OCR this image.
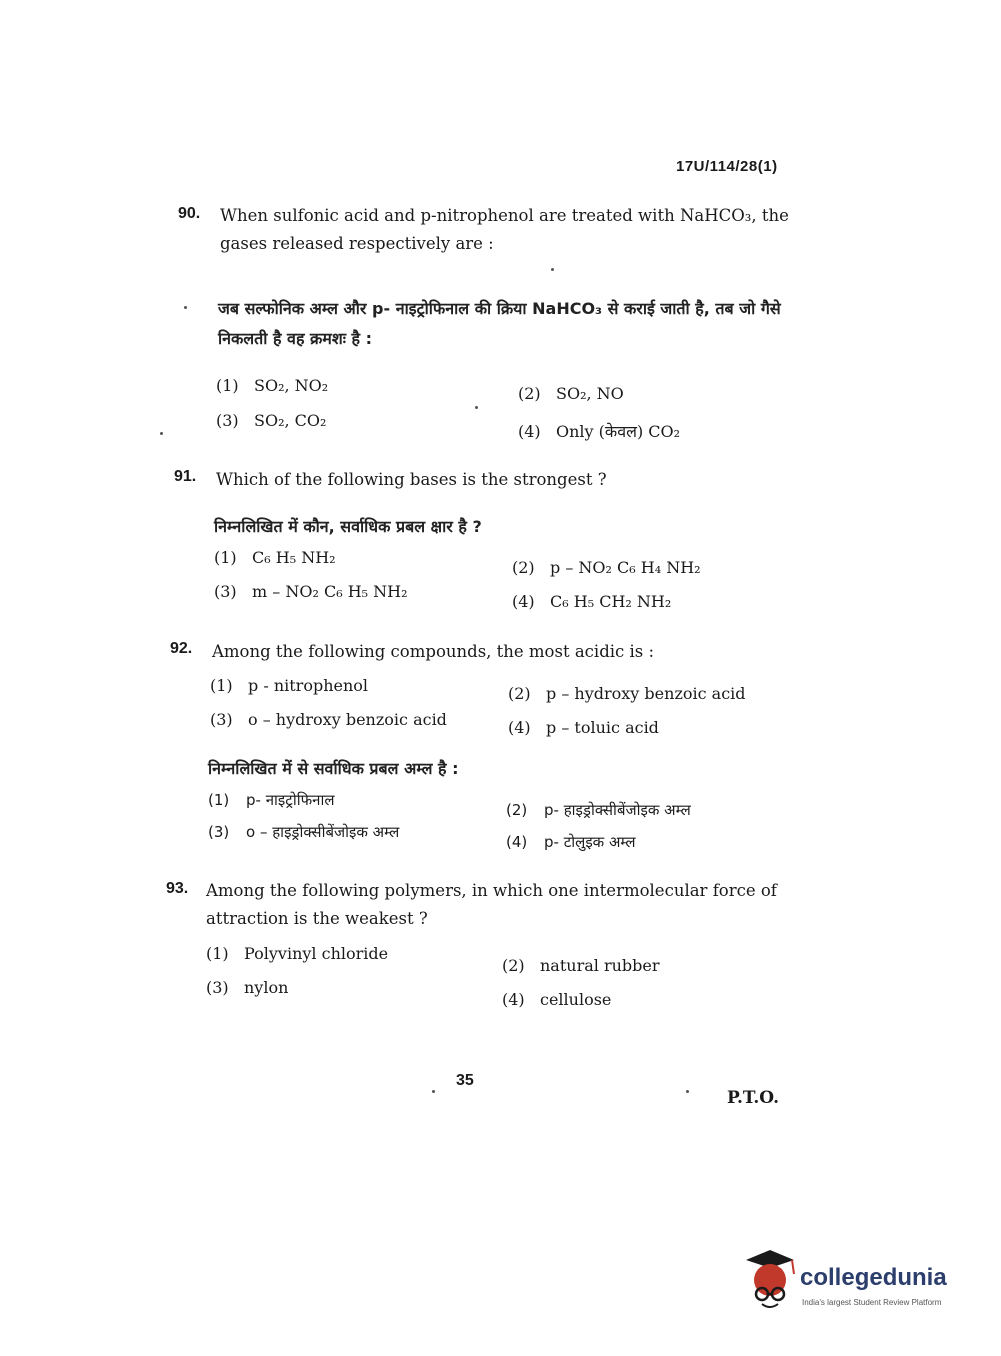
17U/114/28(1)
90. When sulfonic acid and p-nitrophenol are treated with NaHCO₃, the gases released respectively are :
जब सल्फोनिक अम्ल और p- नाइट्रोफिनाल की क्रिया NaHCO₃ से कराई जाती है, तब जो गैसे निकलती है वह क्रमशः है :
(1) SO₂, NO₂	(2) SO₂, NO
(3) SO₂, CO₂
(4) Only (केवल) CO₂
91. Which of the following bases is the strongest ?
निम्नलिखित में कौन, सर्वाधिक प्रबल क्षार है ?
(1) C₆ H₅ NH₂
(2) p – NO₂ C₆ H₄ NH₂
(3) m – NO₂ C₆ H₅ NH₂
(4) C₆ H₅ CH₂ NH₂
92. Among the following compounds, the most acidic is :
(1) p - nitrophenol	(2) p – hydroxy benzoic acid
(3) o – hydroxy benzoic acid	(4) p – toluic acid
निम्नलिखित में से सर्वाधिक प्रबल अम्ल है :
(1) p- नाइट्रोफिनाल
(2) p- हाइड्रोक्सीबेंजोइक अम्ल
(3) o – हाइड्रोक्सीबेंजोइक अम्ल
(4) p- टोलुइक अम्ल
93. Among the following polymers, in which one intermolecular force of attraction is the weakest ?
(1) Polyvinyl chloride
(2) natural rubber
(3) nylon
(4) cellulose
35
P.T.O.
collegedunia
India's largest Student Review Platform
